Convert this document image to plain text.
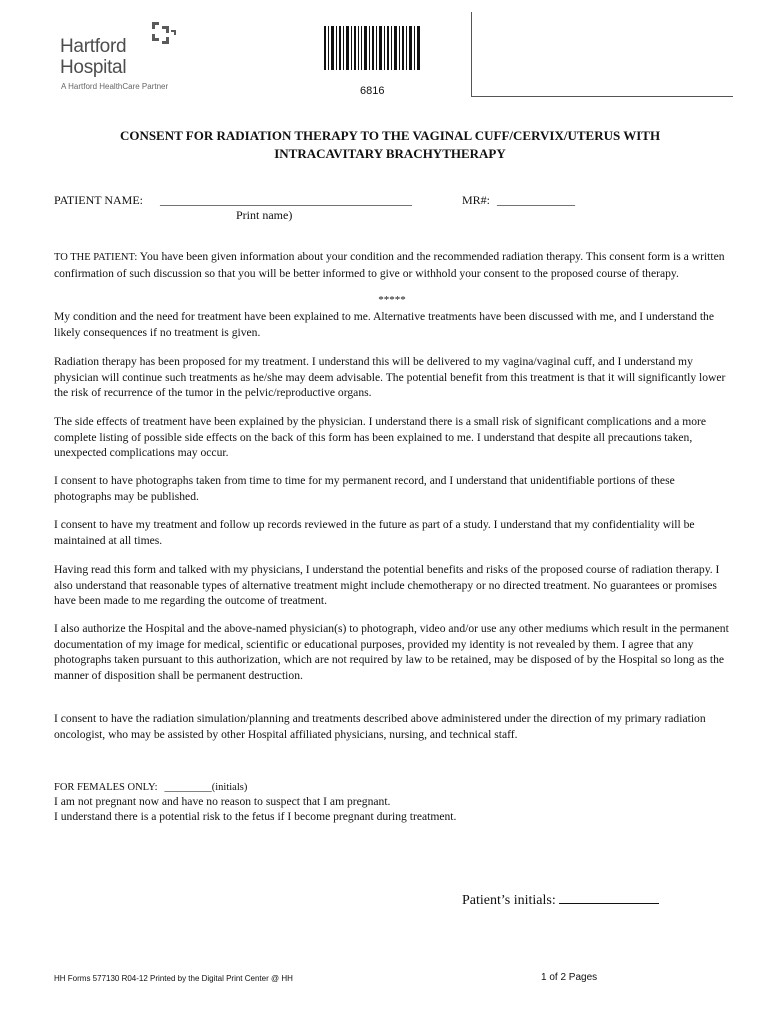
Hartford
Hospital
A Hartford HealthCare Partner	6816
CONSENT FOR RADIATION THERAPY TO THE VAGINAL CUFF/CERVIX/UTERUS WITH
INTRACAVITARY BRACHYTHERAPY
PATIENT NAME: __________________________________________
Print name)
MR#: _____________
TO THE PATIENT: You have been given information about your condition and the recommended radiation therapy. This consent form is a written confirmation of such discussion so that you will be better informed to give or withhold your consent to the proposed course of therapy.
*****
My condition and the need for treatment have been explained to me. Alternative treatments have been discussed with me, and I understand the likely consequences if no treatment is given.
Radiation therapy has been proposed for my treatment. I understand this will be delivered to my vagina/vaginal cuff, and I understand my physician will continue such treatments as he/she may deem advisable. The potential benefit from this treatment is that it will significantly lower the risk of recurrence of the tumor in the pelvic/reproductive organs.
The side effects of treatment have been explained by the physician. I understand there is a small risk of significant complications and a more complete listing of possible side effects on the back of this form has been explained to me. I understand that despite all precautions taken, unexpected complications may occur.
I consent to have photographs taken from time to time for my permanent record, and I understand that unidentifiable portions of these photographs may be published.
I consent to have my treatment and follow up records reviewed in the future as part of a study. I understand that my confidentiality will be maintained at all times.
Having read this form and talked with my physicians, I understand the potential benefits and risks of the proposed course of radiation therapy. I also understand that reasonable types of alternative treatment might include chemotherapy or no directed treatment. No guarantees or promises have been made to me regarding the outcome of treatment.
I also authorize the Hospital and the above-named physician(s) to photograph, video and/or use any other mediums which result in the permanent documentation of my image for medical, scientific or educational purposes, provided my identity is not revealed by them. I agree that any photographs taken pursuant to this authorization, which are not required by law to be retained, may be disposed of by the Hospital so long as the manner of disposition shall be permanent destruction.
I consent to have the radiation simulation/planning and treatments described above administered under the direction of my primary radiation oncologist, who may be assisted by other Hospital affiliated physicians, nursing, and technical staff.
FOR FEMALES ONLY: _________(initials)
I am not pregnant now and have no reason to suspect that I am pregnant.
I understand there is a potential risk to the fetus if I become pregnant during treatment.
Patient’s initials:
HH Forms 577130 R04-12 Printed by the Digital Print Center @ HH	1 of 2 Pages
